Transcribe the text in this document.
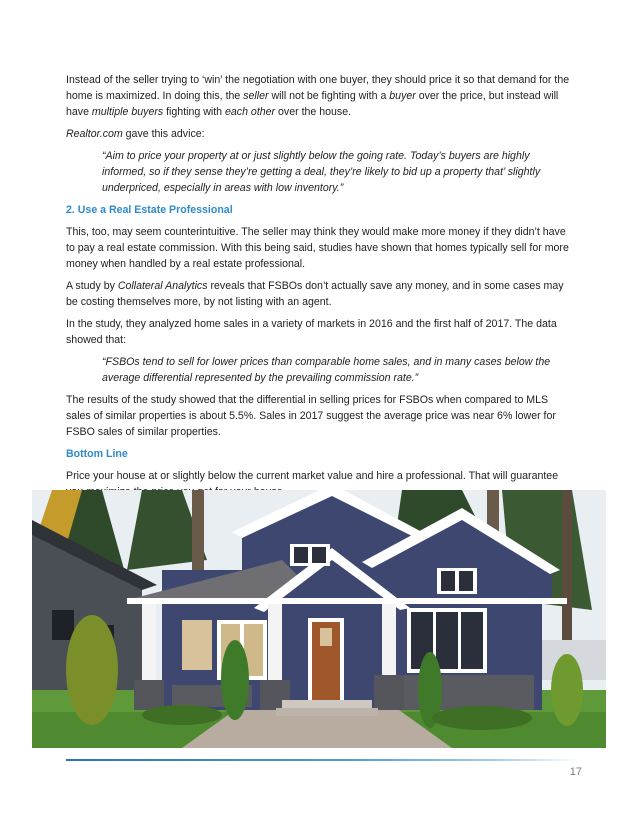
Instead of the seller trying to ‘win’ the negotiation with one buyer, they should price it so that demand for the home is maximized. In doing this, the seller will not be fighting with a buyer over the price, but instead will have multiple buyers fighting with each other over the house.

Realtor.com gave this advice:

“Aim to price your property at or just slightly below the going rate. Today’s buyers are highly informed, so if they sense they’re getting a deal, they’re likely to bid up a property that’ slightly underpriced, especially in areas with low inventory.”

2. Use a Real Estate Professional

This, too, may seem counterintuitive. The seller may think they would make more money if they didn’t have to pay a real estate commission. With this being said, studies have shown that homes typically sell for more money when handled by a real estate professional.

A study by Collateral Analytics reveals that FSBOs don’t actually save any money, and in some cases may be costing themselves more, by not listing with an agent.

In the study, they analyzed home sales in a variety of markets in 2016 and the first half of 2017. The data showed that:

“FSBOs tend to sell for lower prices than comparable home sales, and in many cases below the average differential represented by the prevailing commission rate.”

The results of the study showed that the differential in selling prices for FSBOs when compared to MLS sales of similar properties is about 5.5%. Sales in 2017 suggest the average price was near 6% lower for FSBO sales of similar properties.

Bottom Line

Price your house at or slightly below the current market value and hire a professional. That will guarantee

17
